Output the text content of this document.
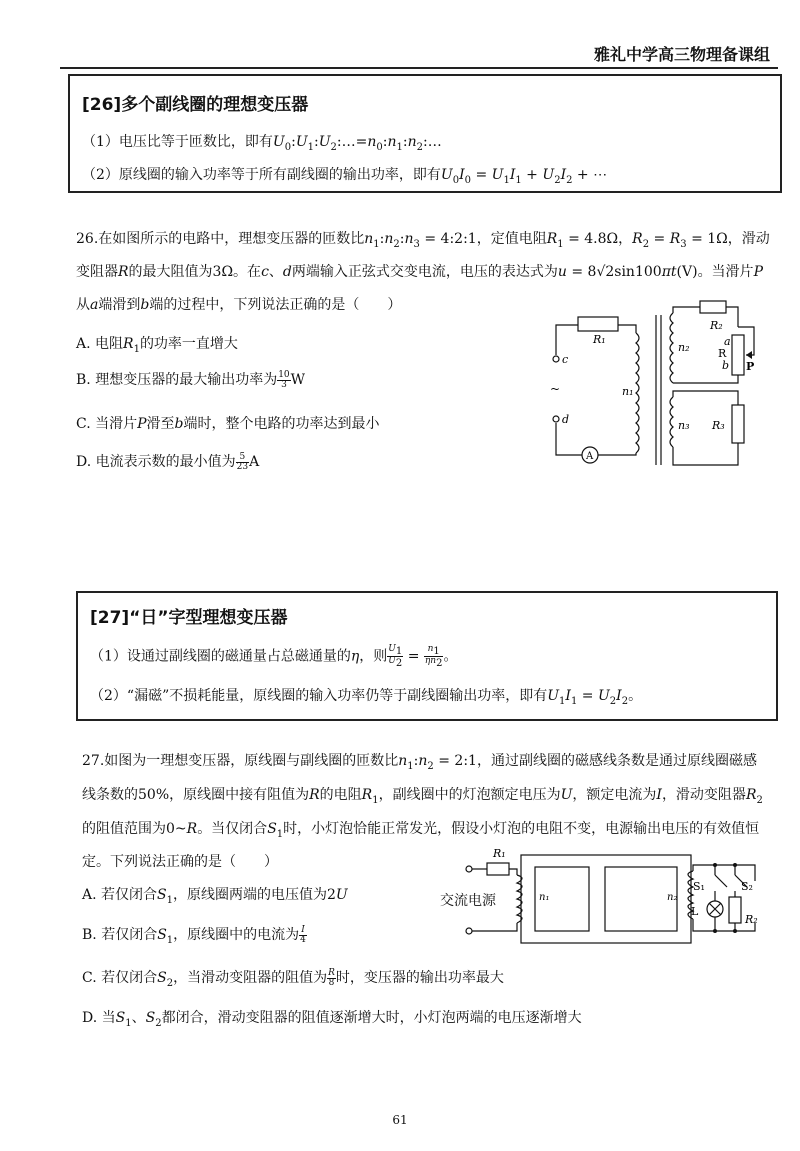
雅礼中学高三物理备课组
[26]多个副线圈的理想变压器
（1）电压比等于匝数比，即有$U_0:U_1:U_2:\dots=n_0:n_1:n_2:\dots$
（2）原线圈的输入功率等于所有副线圈的输出功率，即有$U_0I_0 = U_1I_1 + U_2I_2$ + ⋯
26.在如图所示的电路中，理想变压器的匝数比$n_1:n_2:n_3$ = 4:2:1，定值电阻$R_1 = 4.8\Omega$，$R_2 = R_3 = 1\Omega$，滑动
变阻器R的最大阻值为3Ω。在c、d两端输入正弦式交变电流，电压的表达式为u = 8√2sin100πt(V)。当滑片P
从a端滑到b端的过程中，下列说法正确的是（　　）
A. 电阻$R_1$的功率一直增大
B. 理想变压器的最大输出功率为 $\frac{10}{3}$ W
C. 当滑片P滑至b端时，整个电路的功率达到最小
D. 电流表示数的最小值为 $\frac{5}{23}$ A
R₁
R₂
a
R
b P
c
d
~	n₁
n₂
n₃ R₃
A
[27]“日”字型理想变压器
（1）设通过副线圈的磁通量占总磁通量的η，则 $\frac{U_1}{U_2} = \frac{n_1}{\eta n_2}$ 。
（2）“漏磁”不损耗能量，原线圈的输入功率仍等于副线圈输出功率，即有$U_1I_1 = U_2I_2$。
27.如图为一理想变压器，原线圈与副线圈的匝数比$n_1:n_2$ = 2:1，通过副线圈的磁感线条数是通过原线圈磁感
线条数的50%，原线圈中接有阻值为R的电阻$R_1$，副线圈中的灯泡额定电压为U，额定电流为I，滑动变阻器$R_2$
的阻值范围为0~R。当仅闭合$S_1$时，小灯泡恰能正常发光，假设小灯泡的电阻不变，电源输出电压的有效值恒
定。下列说法正确的是（　　）
A. 若仅闭合$S_1$，原线圈两端的电压值为2U
B. 若仅闭合$S_1$，原线圈中的电流为 $\frac{I}{4}$
C. 若仅闭合$S_2$，当滑动变阻器的阻值为 $\frac{R}{8}$ 时，变压器的输出功率最大
D. 当$S_1$、$S_2$都闭合，滑动变阻器的阻值逐渐增大时，小灯泡两端的电压逐渐增大
交流电源
R₁
n₁	n₂
S₁	S₂
L
R₂
61
